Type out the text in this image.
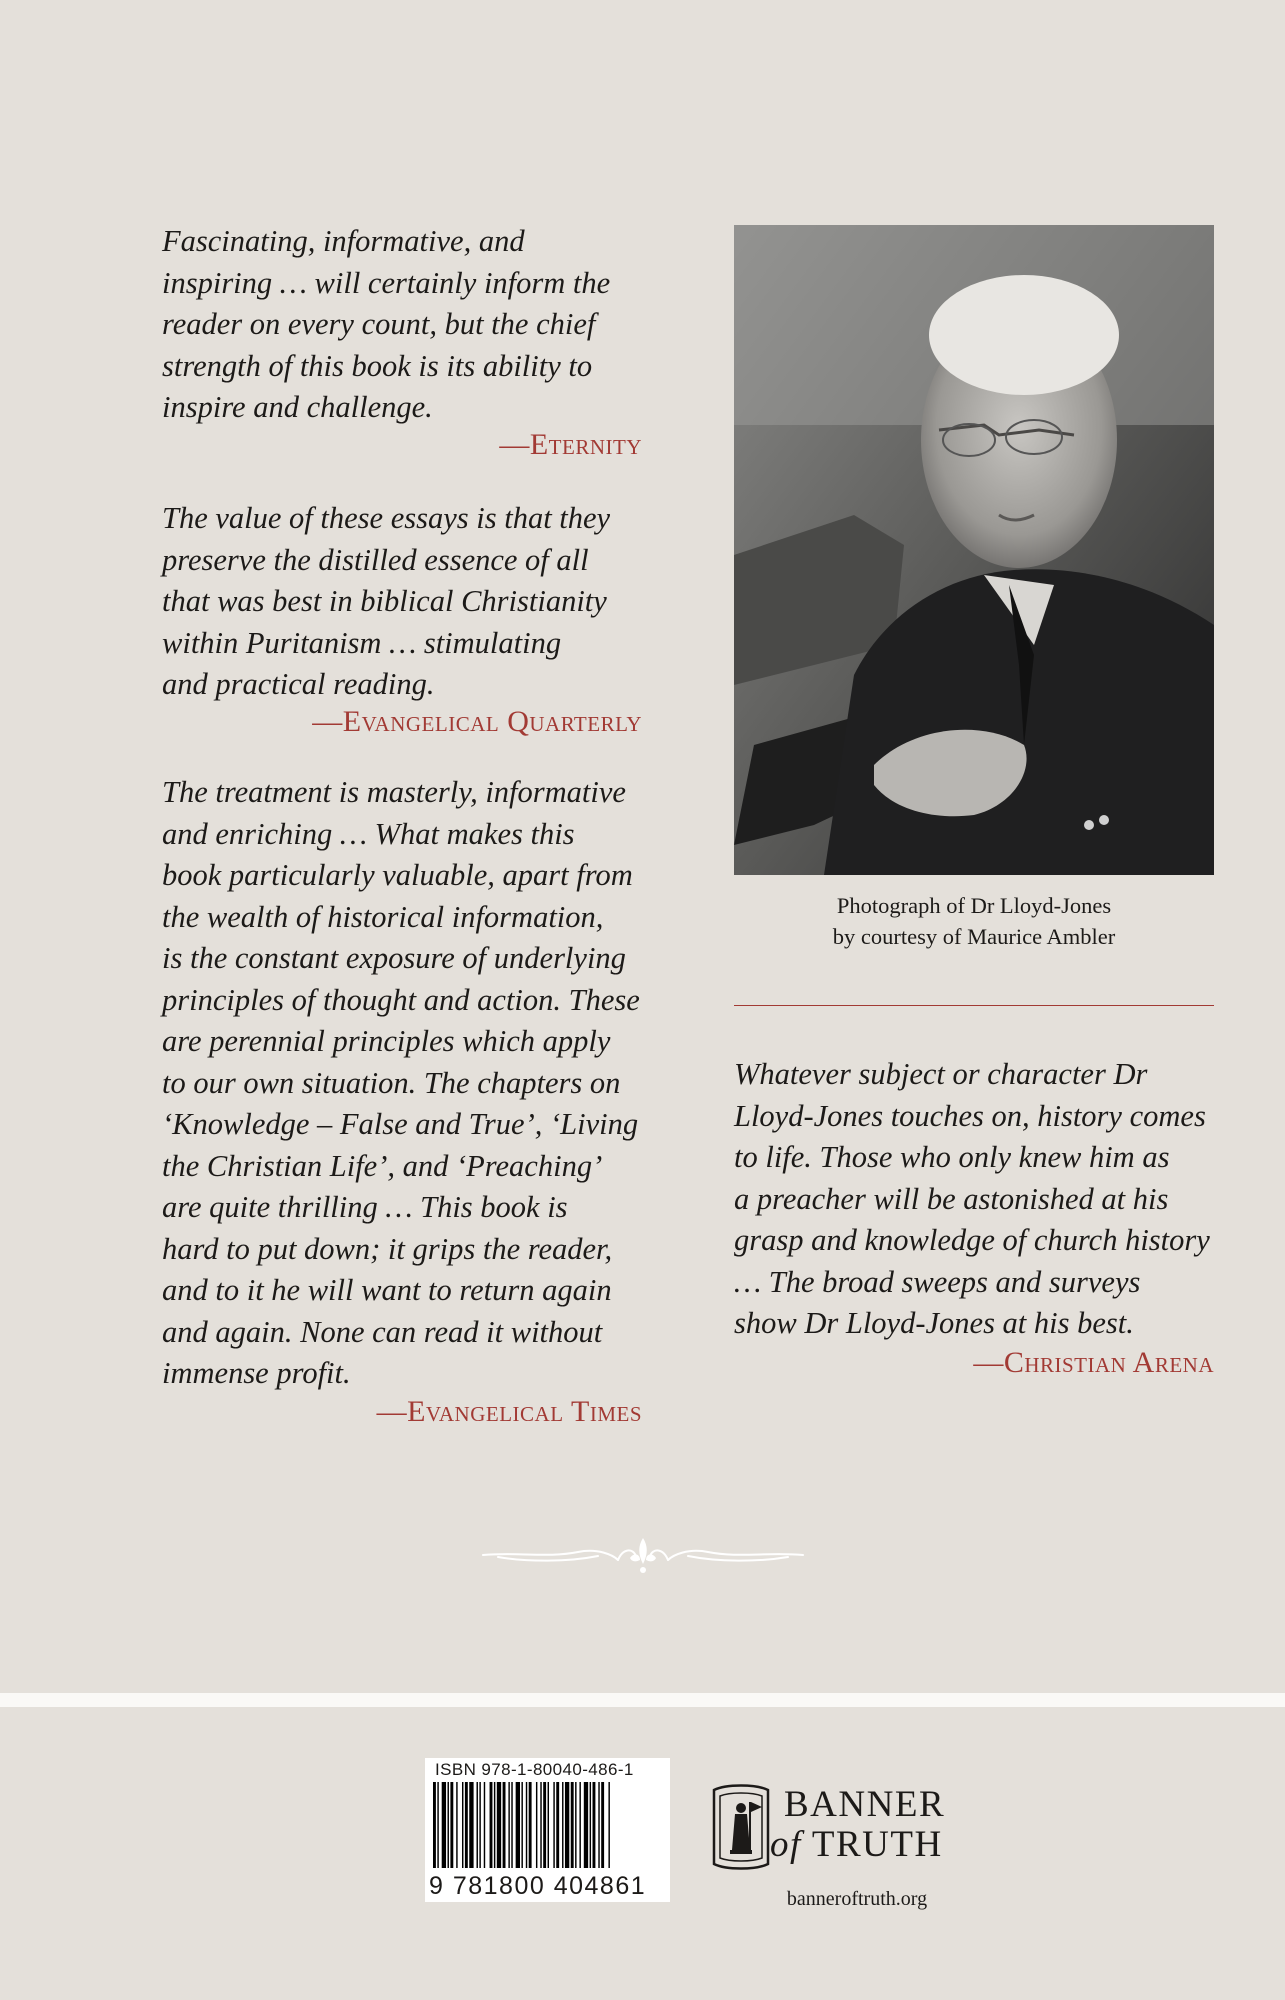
Fascinating, informative, and
inspiring … will certainly inform the
reader on every count, but the chief
strength of this book is its ability to
inspire and challenge.
—Eternity
The value of these essays is that they
preserve the distilled essence of all
that was best in biblical Christianity
within Puritanism … stimulating
and practical reading.
—Evangelical Quarterly
The treatment is masterly, informative
and enriching … What makes this
book particularly valuable, apart from
the wealth of historical information,
is the constant exposure of underlying
principles of thought and action. These
are perennial principles which apply
to our own situation. The chapters on
‘Knowledge – False and True’, ‘Living
the Christian Life’, and ‘Preaching’
are quite thrilling … This book is
hard to put down; it grips the reader,
and to it he will want to return again
and again. None can read it without
immense profit.
—Evangelical Times
Photograph of Dr Lloyd-Jones
by courtesy of Maurice Ambler
Whatever subject or character Dr
Lloyd-Jones touches on, history comes
to life. Those who only knew him as
a preacher will be astonished at his
grasp and knowledge of church history
… The broad sweeps and surveys
show Dr Lloyd-Jones at his best.
—Christian Arena
ISBN 978-1-80040-486-1
9 781800 404861
BANNER
of TRUTH
banneroftruth.org
